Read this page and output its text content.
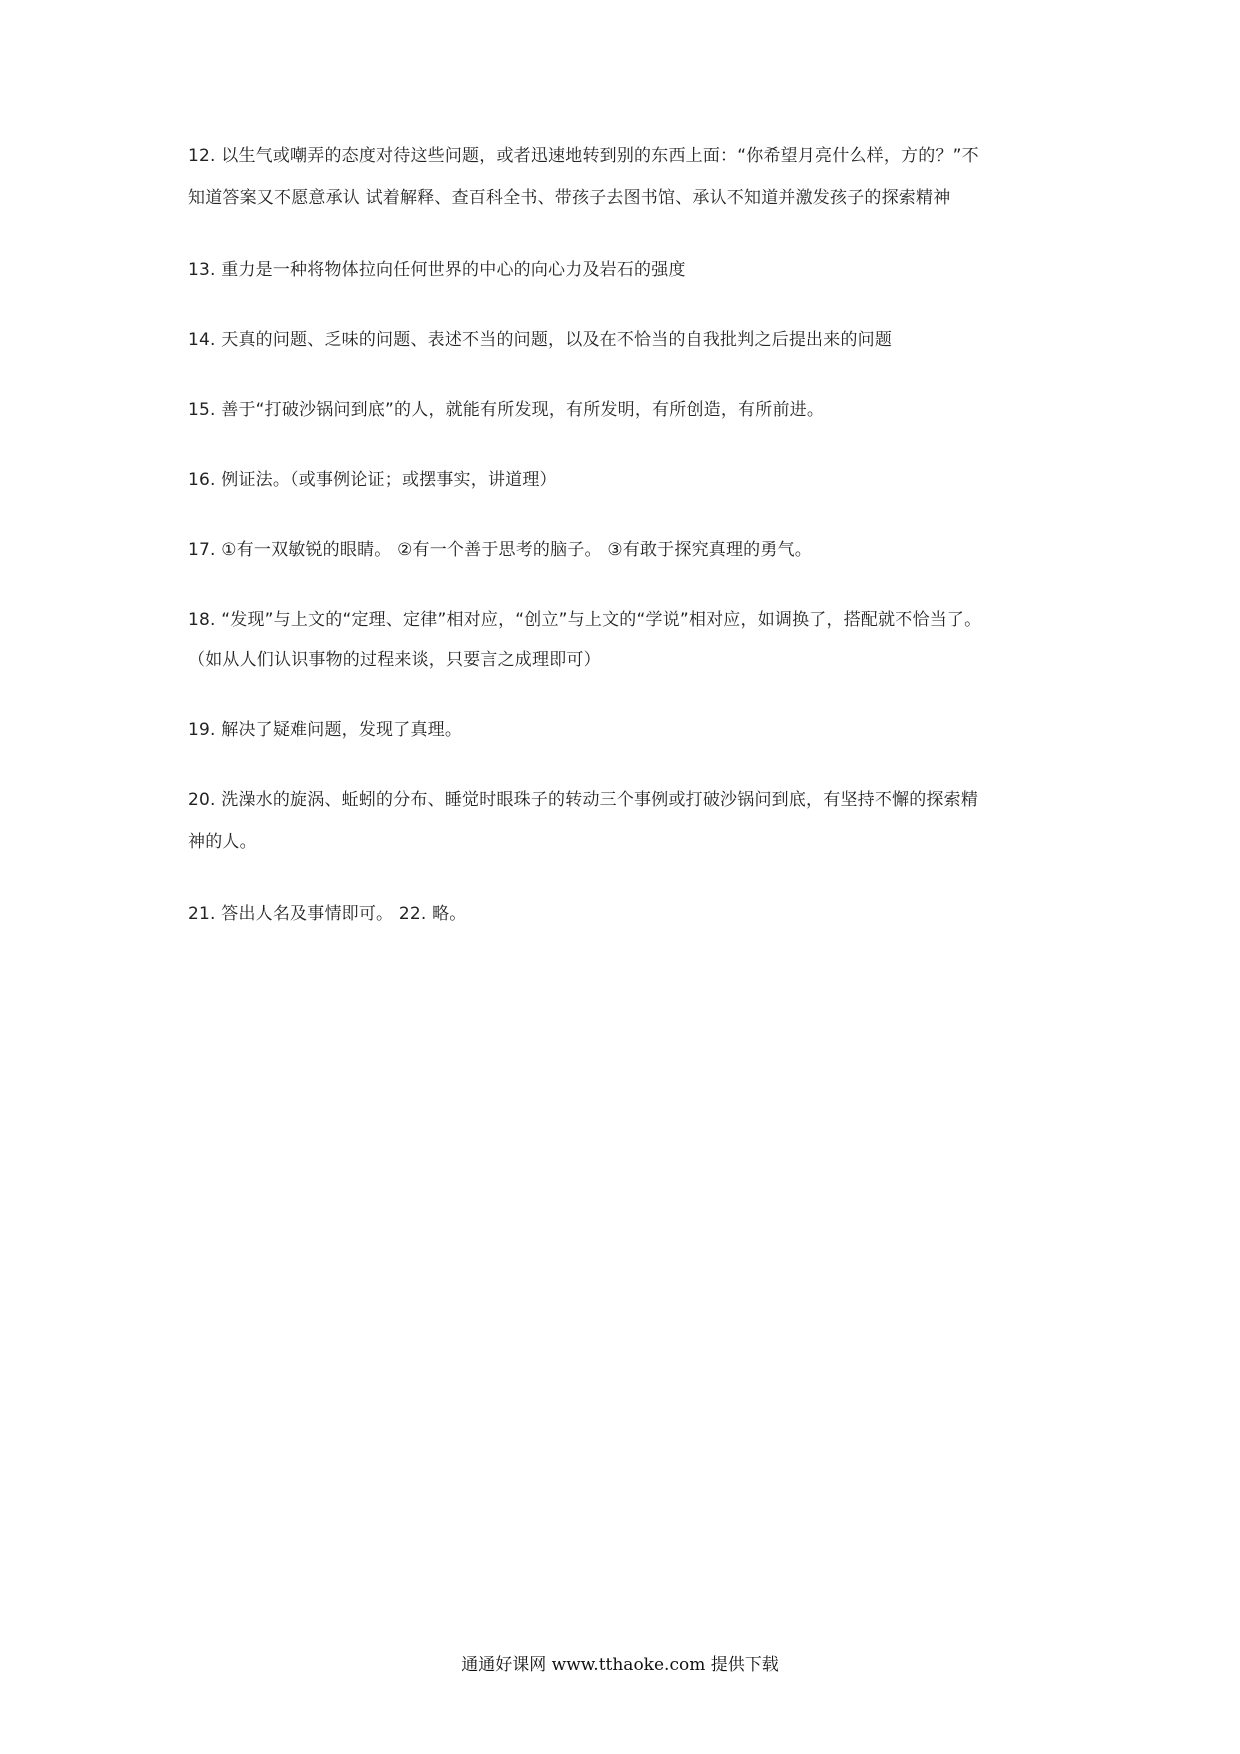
12. 以生气或嘲弄的态度对待这些问题，或者迅速地转到别的东西上面：“你希望月亮什么样，方的？”不
知道答案又不愿意承认 试着解释、查百科全书、带孩子去图书馆、承认不知道并激发孩子的探索精神
13. 重力是一种将物体拉向任何世界的中心的向心力及岩石的强度
14. 天真的问题、乏味的问题、表述不当的问题，以及在不恰当的自我批判之后提出来的问题
15. 善于“打破沙锅问到底”的人，就能有所发现，有所发明，有所创造，有所前进。
16. 例证法。（或事例论证；或摆事实，讲道理）
17. ①有一双敏锐的眼睛。 ②有一个善于思考的脑子。 ③有敢于探究真理的勇气。
18. “发现”与上文的“定理、定律”相对应，“创立”与上文的“学说”相对应，如调换了，搭配就不恰当了。
（如从人们认识事物的过程来谈，只要言之成理即可）
19. 解决了疑难问题，发现了真理。
20. 洗澡水的旋涡、蚯蚓的分布、睡觉时眼珠子的转动三个事例或打破沙锅问到底，有坚持不懈的探索精
神的人。
21. 答出人名及事情即可。 22. 略。
通通好课网 www.tthaoke.com 提供下载
